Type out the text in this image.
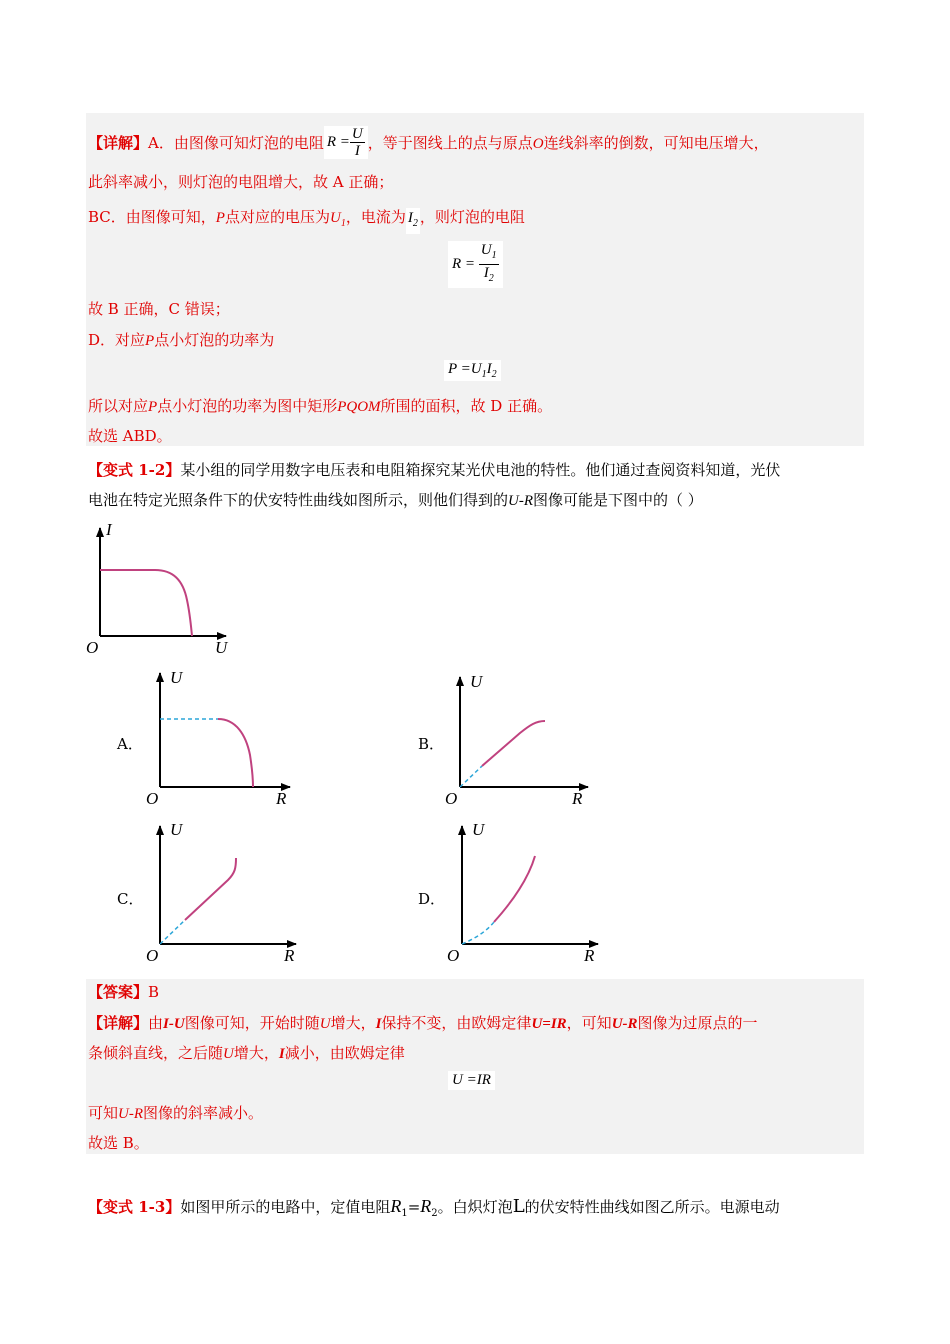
【详解】A．由图像可知灯泡的电阻 $R = \frac{U}{I}$ ，等于图线上的点与原点O连线斜率的倒数，可知电压增大，
此斜率减小，则灯泡的电阻增大，故 A 正确；
BC．由图像可知，P点对应的电压为$U_1$，电流为 $I_2$ ，则灯泡的电阻
$R = \frac{U_1}{I_2}$
故 B 正确，C 错误；
D．对应P点小灯泡的功率为
$P =U_1I_2$
所以对应P点小灯泡的功率为图中矩形PQOM所围的面积，故 D 正确。
故选 ABD。
【变式 1-2】某小组的同学用数字电压表和电阻箱探究某光伏电池的特性。他们通过查阅资料知道，光伏
电池在特定光照条件下的伏安特性曲线如图所示，则他们得到的U-R图像可能是下图中的（ ）
I
U
O
A．
U
R
O
B．
U
R
O
C．
U
R
O
D．
U
R
O
【答案】B
【详解】由I-U图像可知，开始时随U增大，I保持不变，由欧姆定律U=IR，可知U-R图像为过原点的一
条倾斜直线，之后随U增大，I减小，由欧姆定律
U =IR
可知U-R图像的斜率减小。
故选 B。
【变式 1-3】如图甲所示的电路中，定值电阻$R_1=R_2$。白炽灯泡L的伏安特性曲线如图乙所示。电源电动
